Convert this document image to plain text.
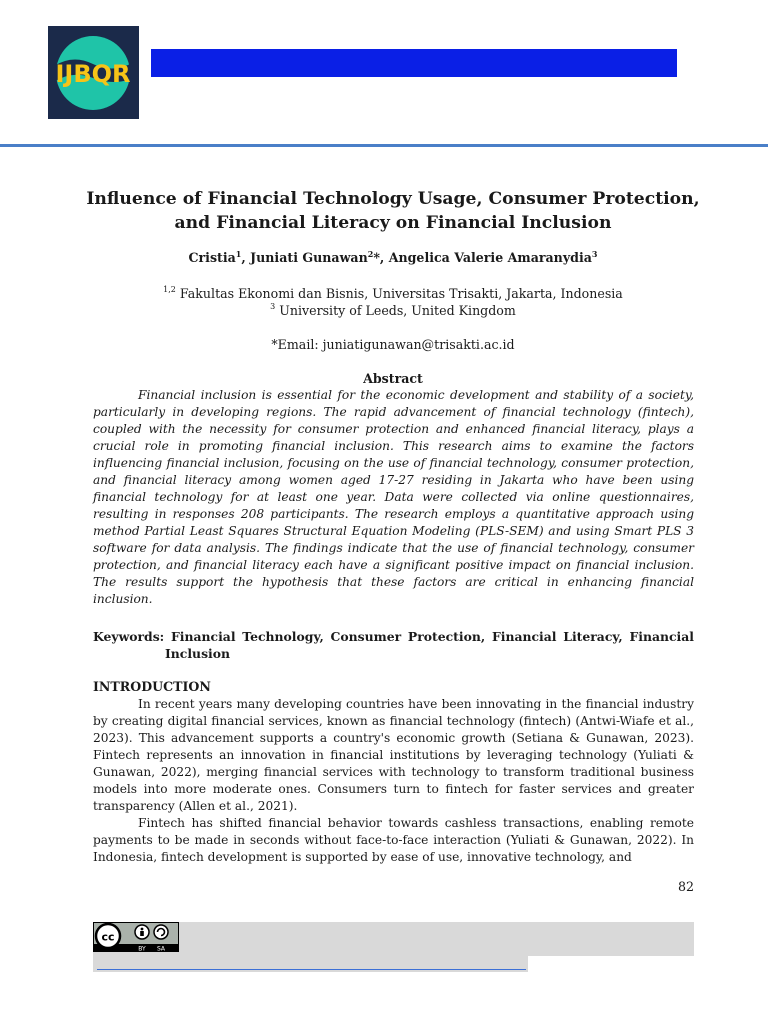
IJBQR
Influence of Financial Technology Usage, Consumer Protection,
and Financial Literacy on Financial Inclusion
Cristia$^1$, Juniati Gunawan$^2$*, Angelica Valerie Amaranydia$^3$
$^{1,2}$ Fakultas Ekonomi dan Bisnis, Universitas Trisakti, Jakarta, Indonesia
$^3$ University of Leeds, United Kingdom
*Email: juniatigunawan@trisakti.ac.id
Abstract

Financial inclusion is essential for the economic development and stability of a society, particularly in developing regions. The rapid advancement of financial technology (fintech), coupled with the necessity for consumer protection and enhanced financial literacy, plays a crucial role in promoting financial inclusion. This research aims to examine the factors influencing financial inclusion, focusing on the use of financial technology, consumer protection, and financial literacy among women aged 17-27 residing in Jakarta who have been using financial technology for at least one year. Data were collected via online questionnaires, resulting in responses 208 participants. The research employs a quantitative approach using method Partial Least Squares Structural Equation Modeling (PLS-SEM) and using Smart PLS 3 software for data analysis. The findings indicate that the use of financial technology, consumer protection, and financial literacy each have a significant positive impact on financial inclusion. The results support the hypothesis that these factors are critical in enhancing financial inclusion.

Keywords: Financial Technology, Consumer Protection, Financial Literacy, Financial Inclusion
INTRODUCTION

In recent years many developing countries have been innovating in the financial industry by creating digital financial services, known as financial technology (fintech) (Antwi-Wiafe et al., 2023). This advancement supports a country's economic growth (Setiana & Gunawan, 2023). Fintech represents an innovation in financial institutions by leveraging technology (Yuliati & Gunawan, 2022), merging financial services with technology to transform traditional business models into more moderate ones. Consumers turn to fintech for faster services and greater transparency (Allen et al., 2021).

Fintech has shifted financial behavior towards cashless transactions, enabling remote payments to be made in seconds without face-to-face interaction (Yuliati & Gunawan, 2022). In Indonesia, fintech development is supported by ease of use, innovative technology, and

82
cc
BY SA
